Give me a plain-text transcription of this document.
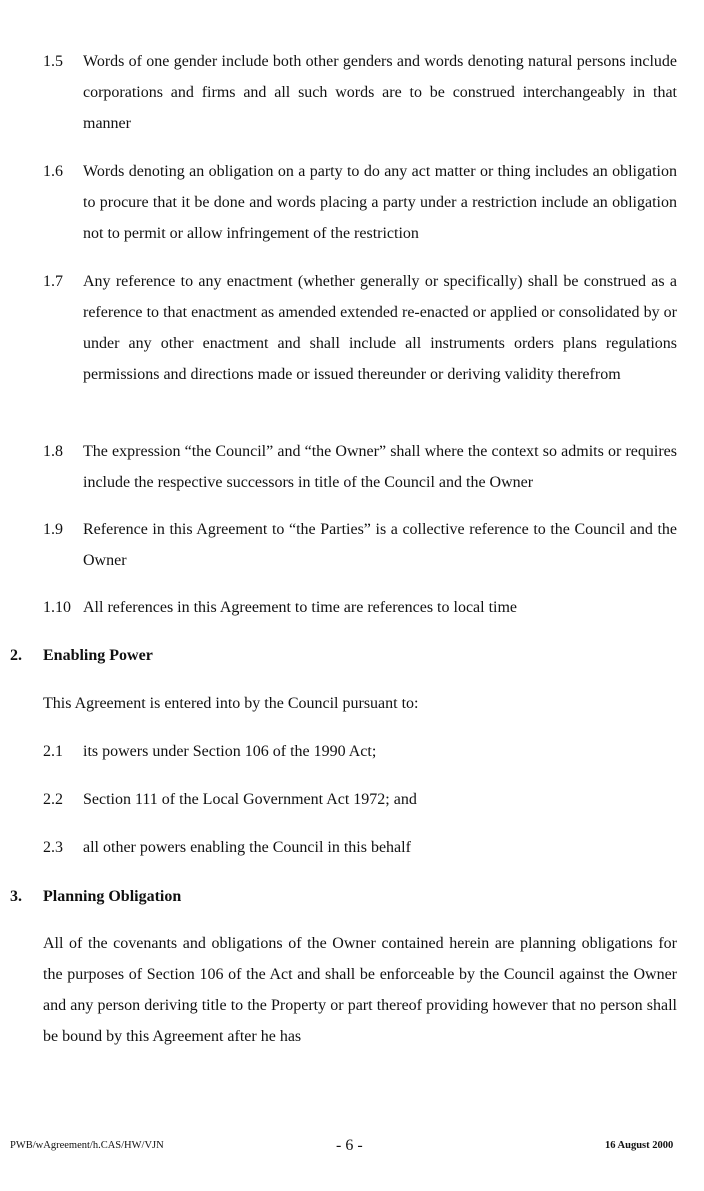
1.5 Words of one gender include both other genders and words denoting natural persons include corporations and firms and all such words are to be construed interchangeably in that manner
1.6 Words denoting an obligation on a party to do any act matter or thing includes an obligation to procure that it be done and words placing a party under a restriction include an obligation not to permit or allow infringement of the restriction
1.7 Any reference to any enactment (whether generally or specifically) shall be construed as a reference to that enactment as amended extended re-enacted or applied or consolidated by or under any other enactment and shall include all instruments orders plans regulations permissions and directions made or issued thereunder or deriving validity therefrom
1.8 The expression “the Council” and “the Owner” shall where the context so admits or requires include the respective successors in title of the Council and the Owner
1.9 Reference in this Agreement to “the Parties” is a collective reference to the Council and the Owner
1.10 All references in this Agreement to time are references to local time
2. Enabling Power
This Agreement is entered into by the Council pursuant to:
2.1 its powers under Section 106 of the 1990 Act;
2.2 Section 111 of the Local Government Act 1972; and
2.3 all other powers enabling the Council in this behalf
3. Planning Obligation
All of the covenants and obligations of the Owner contained herein are planning obligations for the purposes of Section 106 of the Act and shall be enforceable by the Council against the Owner and any person deriving title to the Property or part thereof providing however that no person shall be bound by this Agreement after he has
PWB/wAgreement/h.CAS/HW/VJN	- 6 -	16 August 2000
